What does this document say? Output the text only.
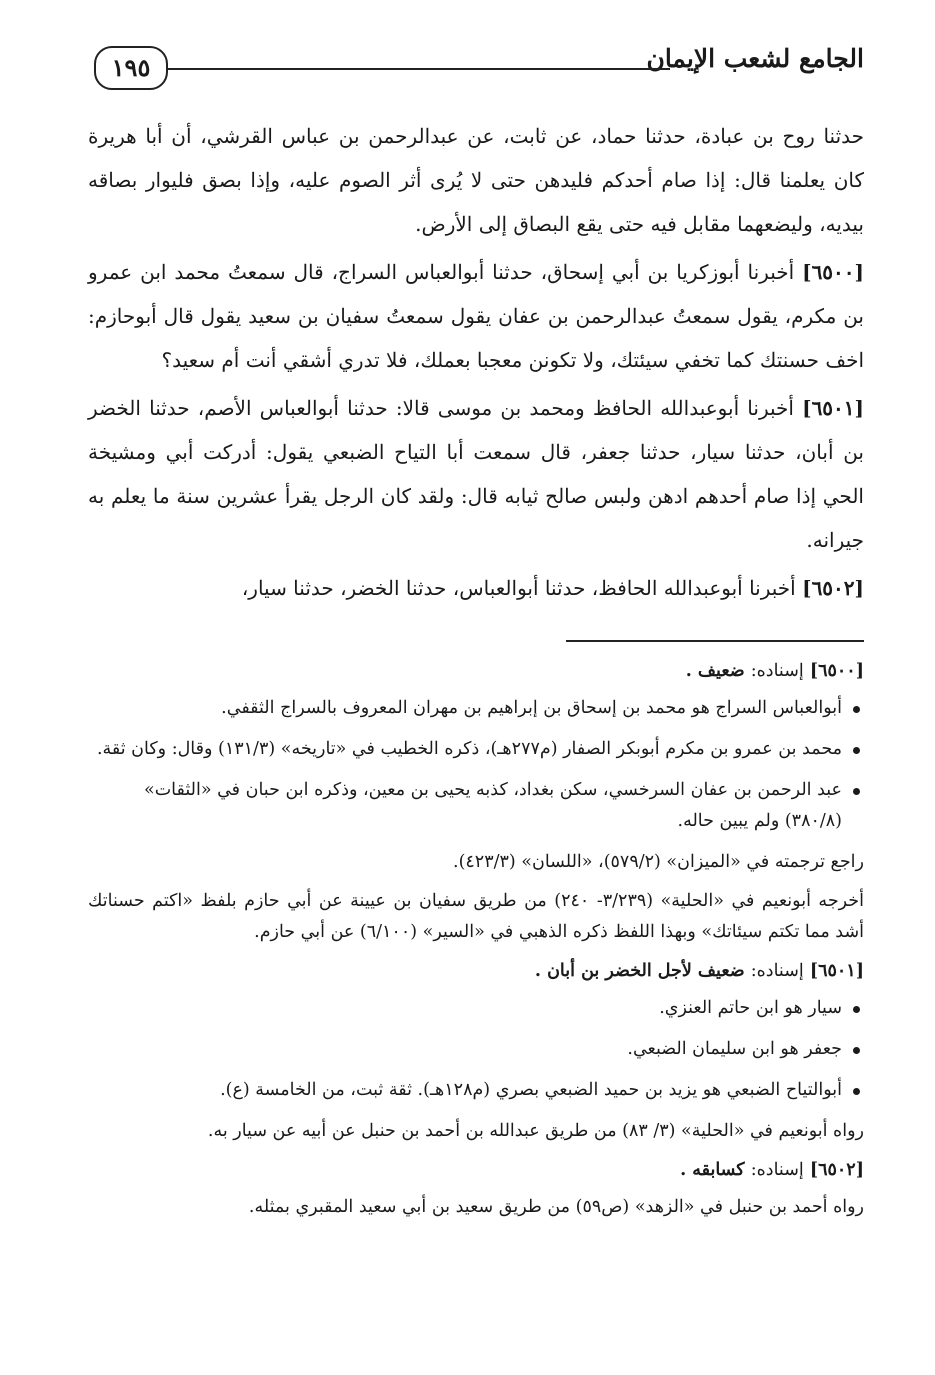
الجامع لشعب الإيمان
١٩٥

حدثنا روح بن عبادة، حدثنا حماد، عن ثابت، عن عبدالرحمن بن عباس القرشي، أن أبا هريرة كان يعلمنا قال: إذا صام أحدكم فليدهن حتى لا يُرى أثر الصوم عليه، وإذا بصق فليوار بصاقه بيديه، وليضعهما مقابل فيه حتى يقع البصاق إلى الأرض.

[٦٥٠٠] أخبرنا أبوزكريا بن أبي إسحاق، حدثنا أبوالعباس السراج، قال سمعتُ محمد ابن عمرو بن مكرم، يقول سمعتُ عبدالرحمن بن عفان يقول سمعتُ سفيان بن سعيد يقول قال أبوحازم: اخف حسنتك كما تخفي سيئتك، ولا تكونن معجبا بعملك، فلا تدري أشقي أنت أم سعيد؟

[٦٥٠١] أخبرنا أبوعبدالله الحافظ ومحمد بن موسى قالا: حدثنا أبوالعباس الأصم، حدثنا الخضر بن أبان، حدثنا سيار، حدثنا جعفر، قال سمعت أبا التياح الضبعي يقول: أدركت أبي ومشيخة الحي إذا صام أحدهم ادهن ولبس صالح ثيابه قال: ولقد كان الرجل يقرأ عشرين سنة ما يعلم به جيرانه.

[٦٥٠٢] أخبرنا أبوعبدالله الحافظ، حدثنا أبوالعباس، حدثنا الخضر، حدثنا سيار،

[٦٥٠٠] إسناده: ضعيف .
أبوالعباس السراج هو محمد بن إسحاق بن إبراهيم بن مهران المعروف بالسراج الثقفي.
محمد بن عمرو بن مكرم أبوبكر الصفار (م٢٧٧هـ)، ذكره الخطيب في «تاريخه» (١٣١/٣) وقال: وكان ثقة.
عبد الرحمن بن عفان السرخسي، سكن بغداد، كذبه يحيى بن معين، وذكره ابن حبان في «الثقات» (٣٨٠/٨) ولم يبين حاله.

راجع ترجمته في «الميزان» (٥٧٩/٢)، «اللسان» (٤٢٣/٣).

أخرجه أبونعيم في «الحلية» (٣/٢٣٩- ٢٤٠) من طريق سفيان بن عيينة عن أبي حازم بلفظ «اكتم حسناتك أشد مما تكتم سيئاتك» وبهذا اللفظ ذكره الذهبي في «السير» (٦/١٠٠) عن أبي حازم.

[٦٥٠١] إسناده: ضعيف لأجل الخضر بن أبان .
سيار هو ابن حاتم العنزي.
جعفر هو ابن سليمان الضبعي.
أبوالتياح الضبعي هو يزيد بن حميد الضبعي بصري (م١٢٨هـ). ثقة ثبت، من الخامسة (ع).

رواه أبونعيم في «الحلية» (٣/ ٨٣) من طريق عبدالله بن أحمد بن حنبل عن أبيه عن سيار به.

[٦٥٠٢] إسناده: كسابقه .

رواه أحمد بن حنبل في «الزهد» (ص٥٩) من طريق سعيد بن أبي سعيد المقبري بمثله.
